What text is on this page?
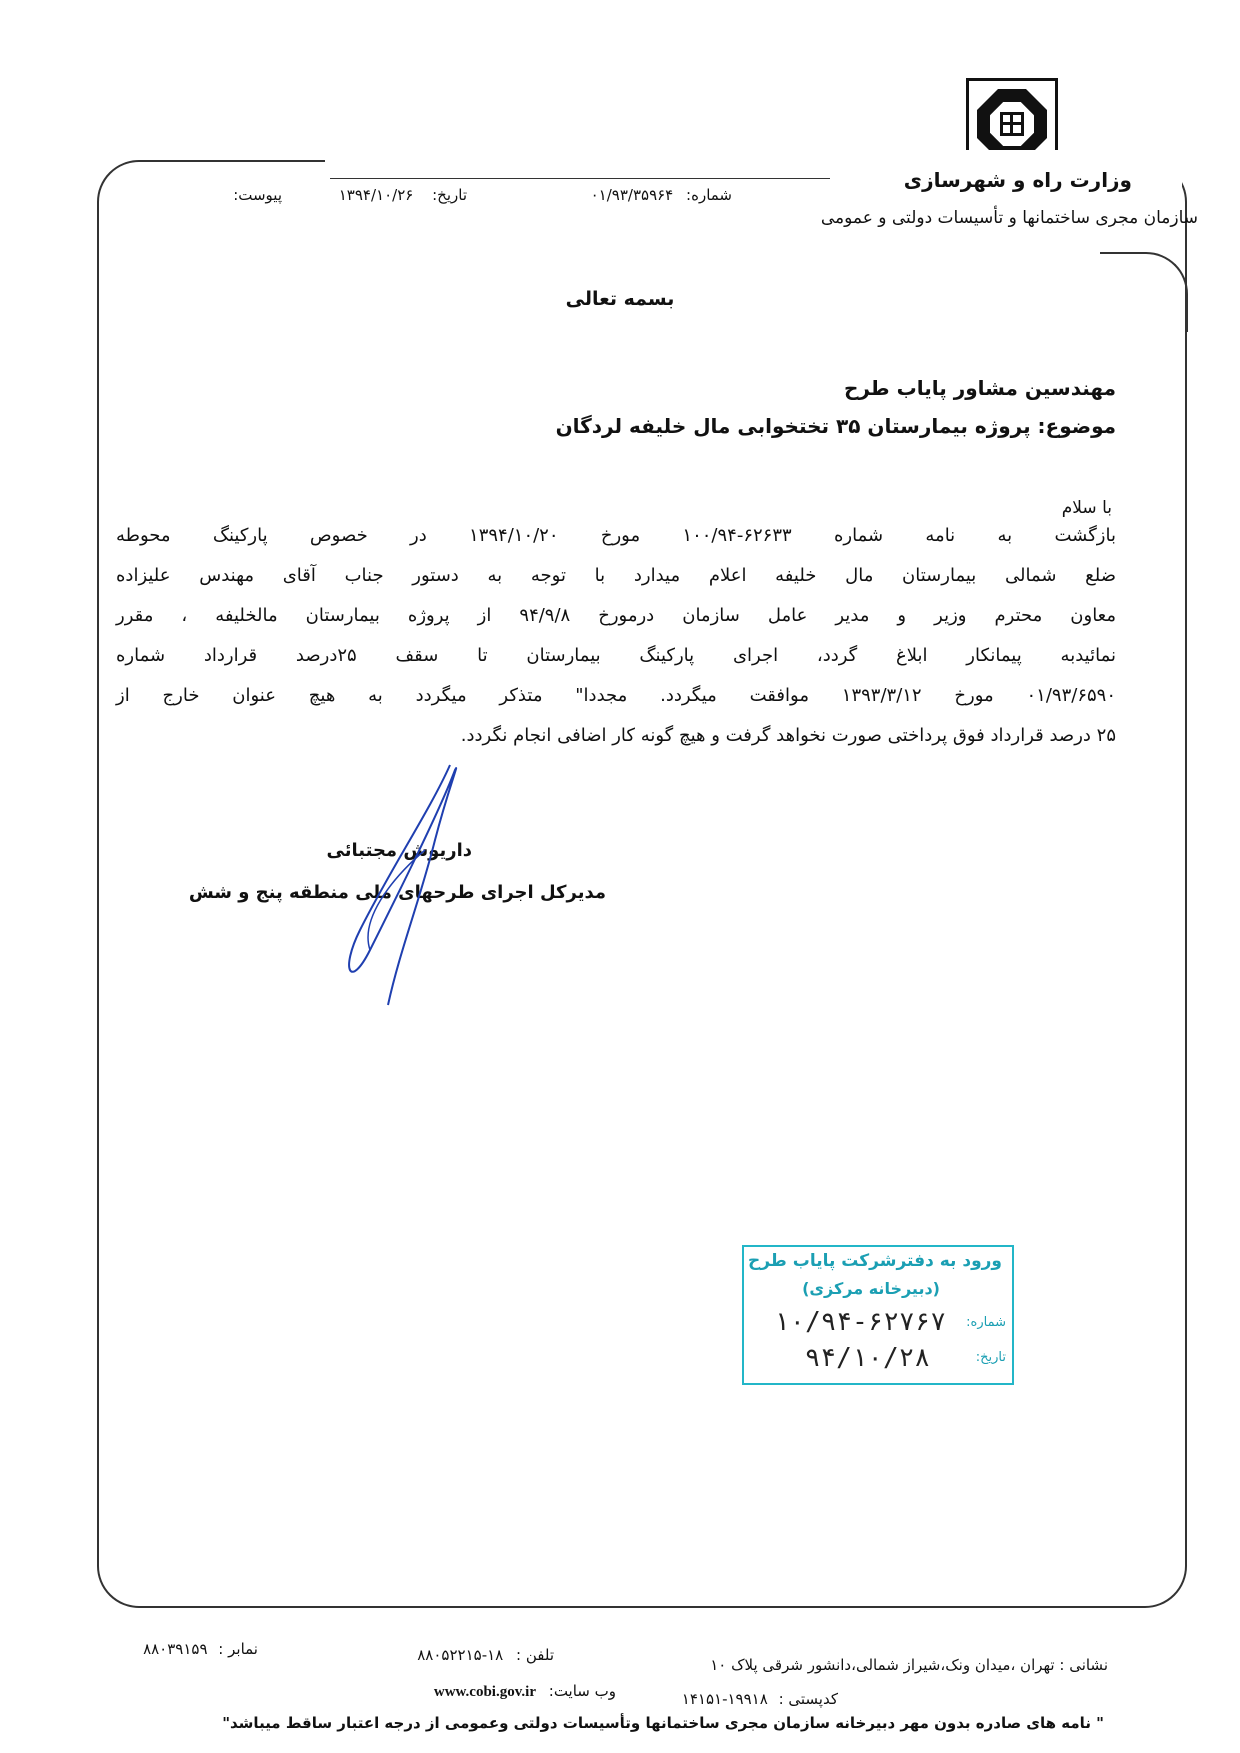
وزارت راه و شهرسازی
سازمان مجری ساختمانها و تأسیسات دولتی و عمومی
شماره: ۰۱/۹۳/۳۵۹۶۴
تاریخ: ۱۳۹۴/۱۰/۲۶
پیوست:
بسمه تعالی
مهندسین مشاور پایاب طرح
موضوع: پروژه بیمارستان ۳۵ تختخوابی مال خلیفه لردگان
با سلام
بازگشت به نامه شماره ۶۲۶۳۳-۱۰۰/۹۴ مورخ ۱۳۹۴/۱۰/۲۰ در خصوص پارکینگ محوطه
ضلع شمالی بیمارستان مال خلیفه اعلام میدارد با توجه به دستور جناب آقای مهندس علیزاده
معاون محترم وزیر و مدیر عامل سازمان درمورخ ۹۴/۹/۸ از پروژه بیمارستان مالخلیفه ، مقرر
نمائیدبه پیمانکار ابلاغ گردد، اجرای پارکینگ بیمارستان تا سقف ۲۵درصد قرارداد شماره
۰۱/۹۳/۶۵۹۰ مورخ ۱۳۹۳/۳/۱۲ موافقت میگردد. مجددا" متذکر میگردد به هیچ عنوان خارج از
۲۵ درصد قرارداد فوق پرداختی صورت نخواهد گرفت و هیچ گونه کار اضافی انجام نگردد.
داریوش مجتبائی
مدیرکل اجرای طرحهای ملی منطقه پنج و شش
ورود به دفترشرکت پایاب طرح
(دبیرخانه مرکزی)
شماره:
۱۰/۹۴-۶۲۷۶۷
تاریخ:
۹۴/۱۰/۲۸
نمابر : ۸۸۰۳۹۱۵۹	تلفن : ۱۸-۸۸۰۵۲۲۱۵
نشانی : تهران ،میدان ونک،شیراز شمالی،دانشور شرقی پلاک ۱۰
وب سایت: www.cobi.gov.ir	کدپستی : ۱۹۹۱۸-۱۴۱۵۱
" نامه های صادره بدون مهر دبیرخانه سازمان مجری ساختمانها وتأسیسات دولتی وعمومی از درجه اعتبار ساقط میباشد"
